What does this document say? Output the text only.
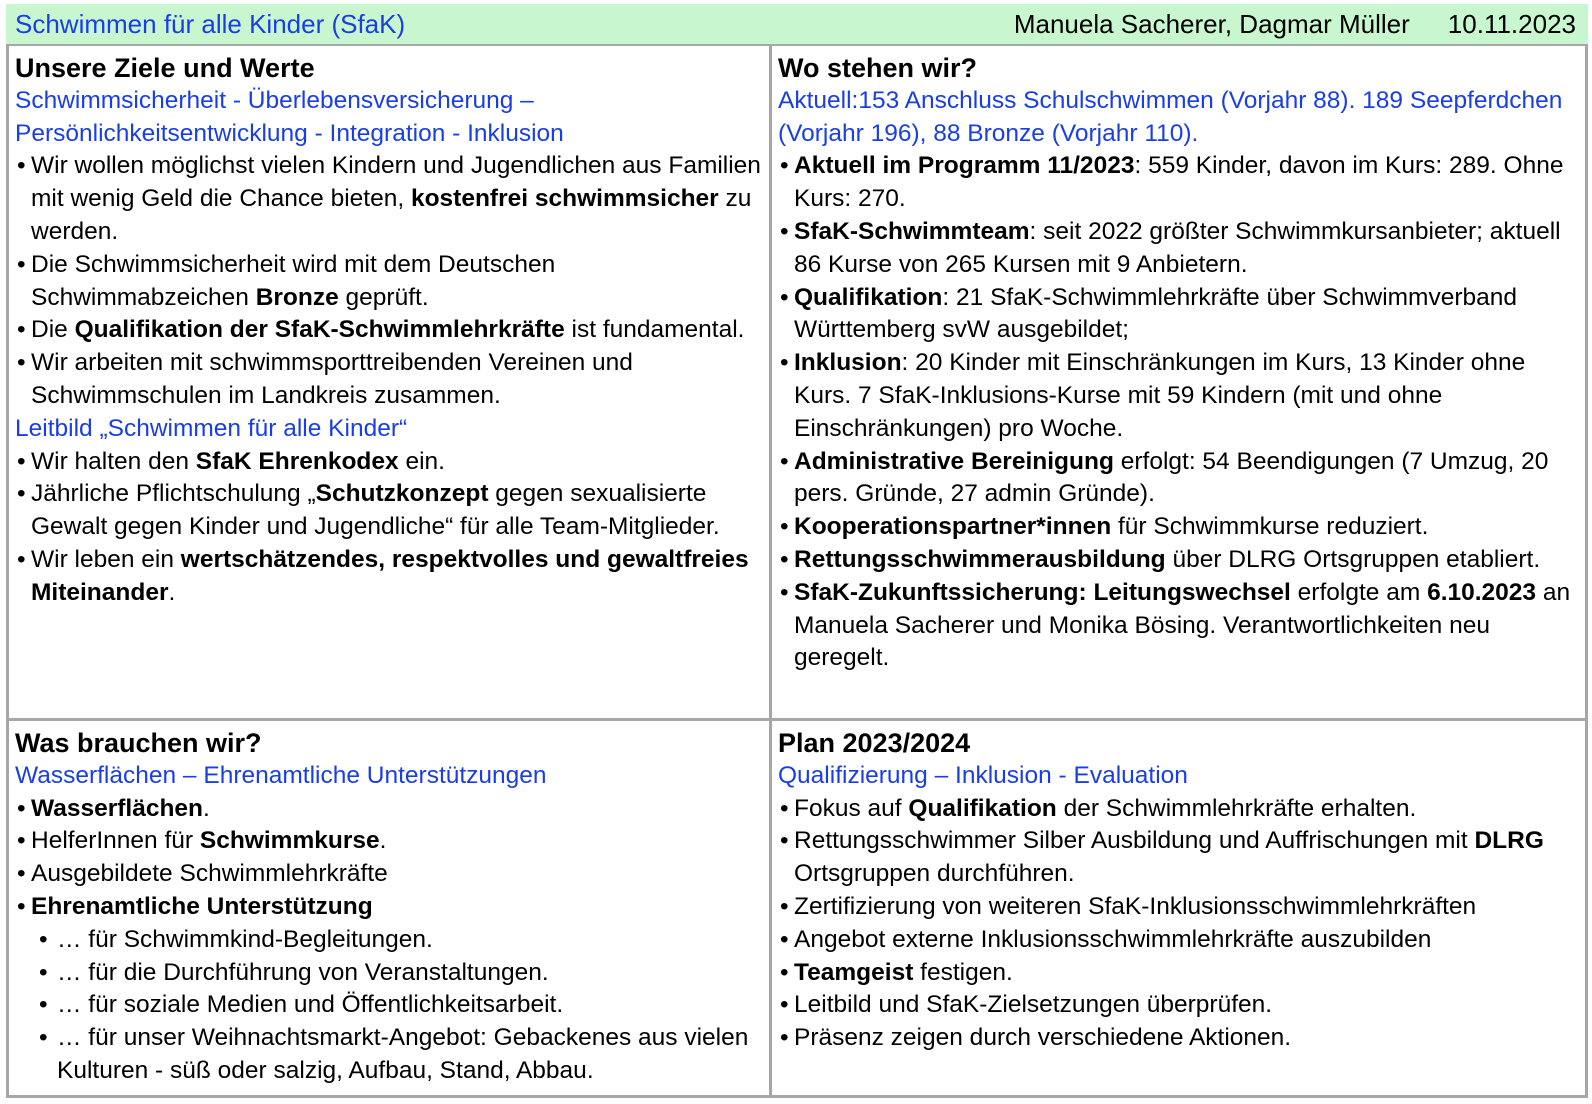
Schwimmen für alle Kinder (SfaK)	Manuela Sacherer, Dagmar Müller 10.11.2023
Unsere Ziele und Werte
Schwimmsicherheit - Überlebensversicherung – Persönlichkeitsentwicklung - Integration - Inklusion
• Wir wollen möglichst vielen Kindern und Jugendlichen aus Familien mit wenig Geld die Chance bieten, kostenfrei schwimmsicher zu werden.
• Die Schwimmsicherheit wird mit dem Deutschen Schwimmabzeichen Bronze geprüft.
• Die Qualifikation der SfaK-Schwimmlehrkräfte ist fundamental.
• Wir arbeiten mit schwimmsporttreibenden Vereinen und Schwimmschulen im Landkreis zusammen.
Leitbild „Schwimmen für alle Kinder“
• Wir halten den SfaK Ehrenkodex ein.
• Jährliche Pflichtschulung „Schutzkonzept gegen sexualisierte Gewalt gegen Kinder und Jugendliche“ für alle Team-Mitglieder.
• Wir leben ein wertschätzendes, respektvolles und gewaltfreies Miteinander.
Wo stehen wir?
Aktuell:153 Anschluss Schulschwimmen (Vorjahr 88). 189 Seepferdchen (Vorjahr 196), 88 Bronze (Vorjahr 110).
• Aktuell im Programm 11/2023: 559 Kinder, davon im Kurs: 289. Ohne Kurs: 270.
• SfaK-Schwimmteam: seit 2022 größter Schwimmkursanbieter; aktuell 86 Kurse von 265 Kursen mit 9 Anbietern.
• Qualifikation: 21 SfaK-Schwimmlehrkräfte über Schwimmverband Württemberg svW ausgebildet;
• Inklusion: 20 Kinder mit Einschränkungen im Kurs, 13 Kinder ohne Kurs. 7 SfaK-Inklusions-Kurse mit 59 Kindern (mit und ohne Einschränkungen) pro Woche.
• Administrative Bereinigung erfolgt: 54 Beendigungen (7 Umzug, 20 pers. Gründe, 27 admin Gründe).
• Kooperationspartner*innen für Schwimmkurse reduziert.
• Rettungsschwimmerausbildung über DLRG Ortsgruppen etabliert.
• SfaK-Zukunftssicherung: Leitungswechsel erfolgte am 6.10.2023 an Manuela Sacherer und Monika Bösing. Verantwortlichkeiten neu geregelt.
Was brauchen wir?
Wasserflächen – Ehrenamtliche Unterstützungen
• Wasserflächen.
• HelferInnen für Schwimmkurse.
• Ausgebildete Schwimmlehrkräfte
• Ehrenamtliche Unterstützung
• … für Schwimmkind-Begleitungen.
• … für die Durchführung von Veranstaltungen.
• … für soziale Medien und Öffentlichkeitsarbeit.
• … für unser Weihnachtsmarkt-Angebot: Gebackenes aus vielen Kulturen - süß oder salzig, Aufbau, Stand, Abbau.
Plan 2023/2024
Qualifizierung – Inklusion - Evaluation
• Fokus auf Qualifikation der Schwimmlehrkräfte erhalten.
• Rettungsschwimmer Silber Ausbildung und Auffrischungen mit DLRG Ortsgruppen durchführen.
• Zertifizierung von weiteren SfaK-Inklusionsschwimmlehrkräften
• Angebot externe Inklusionsschwimmlehrkräfte auszubilden
• Teamgeist festigen.
• Leitbild und SfaK-Zielsetzungen überprüfen.
• Präsenz zeigen durch verschiedene Aktionen.
